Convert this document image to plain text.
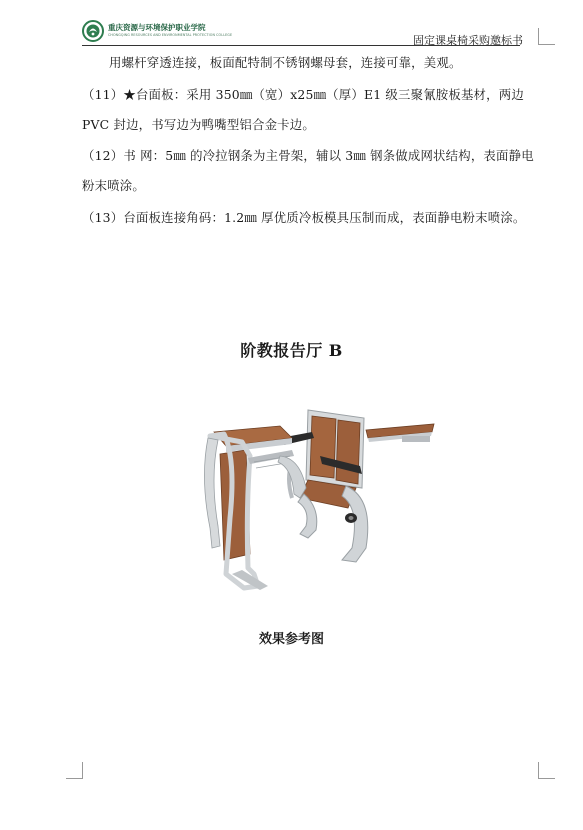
重庆资源与环境保护职业学院
CHONGQING RESOURCES AND ENVIRONMENTAL PROTECTION COLLEGE	固定课桌椅采购邀标书
用螺杆穿透连接，板面配特制不锈钢螺母套，连接可靠，美观。
（11）★台面板：采用 350㎜（宽）x25㎜（厚）E1 级三聚氰胺板基材，两边 PVC 封边，书写边为鸭嘴型铝合金卡边。
（12）书 网：5㎜ 的冷拉钢条为主骨架，辅以 3㎜ 钢条做成网状结构，表面静电粉末喷涂。
（13）台面板连接角码：1.2㎜ 厚优质冷板模具压制而成，表面静电粉末喷涂。
阶教报告厅 B
效果参考图
